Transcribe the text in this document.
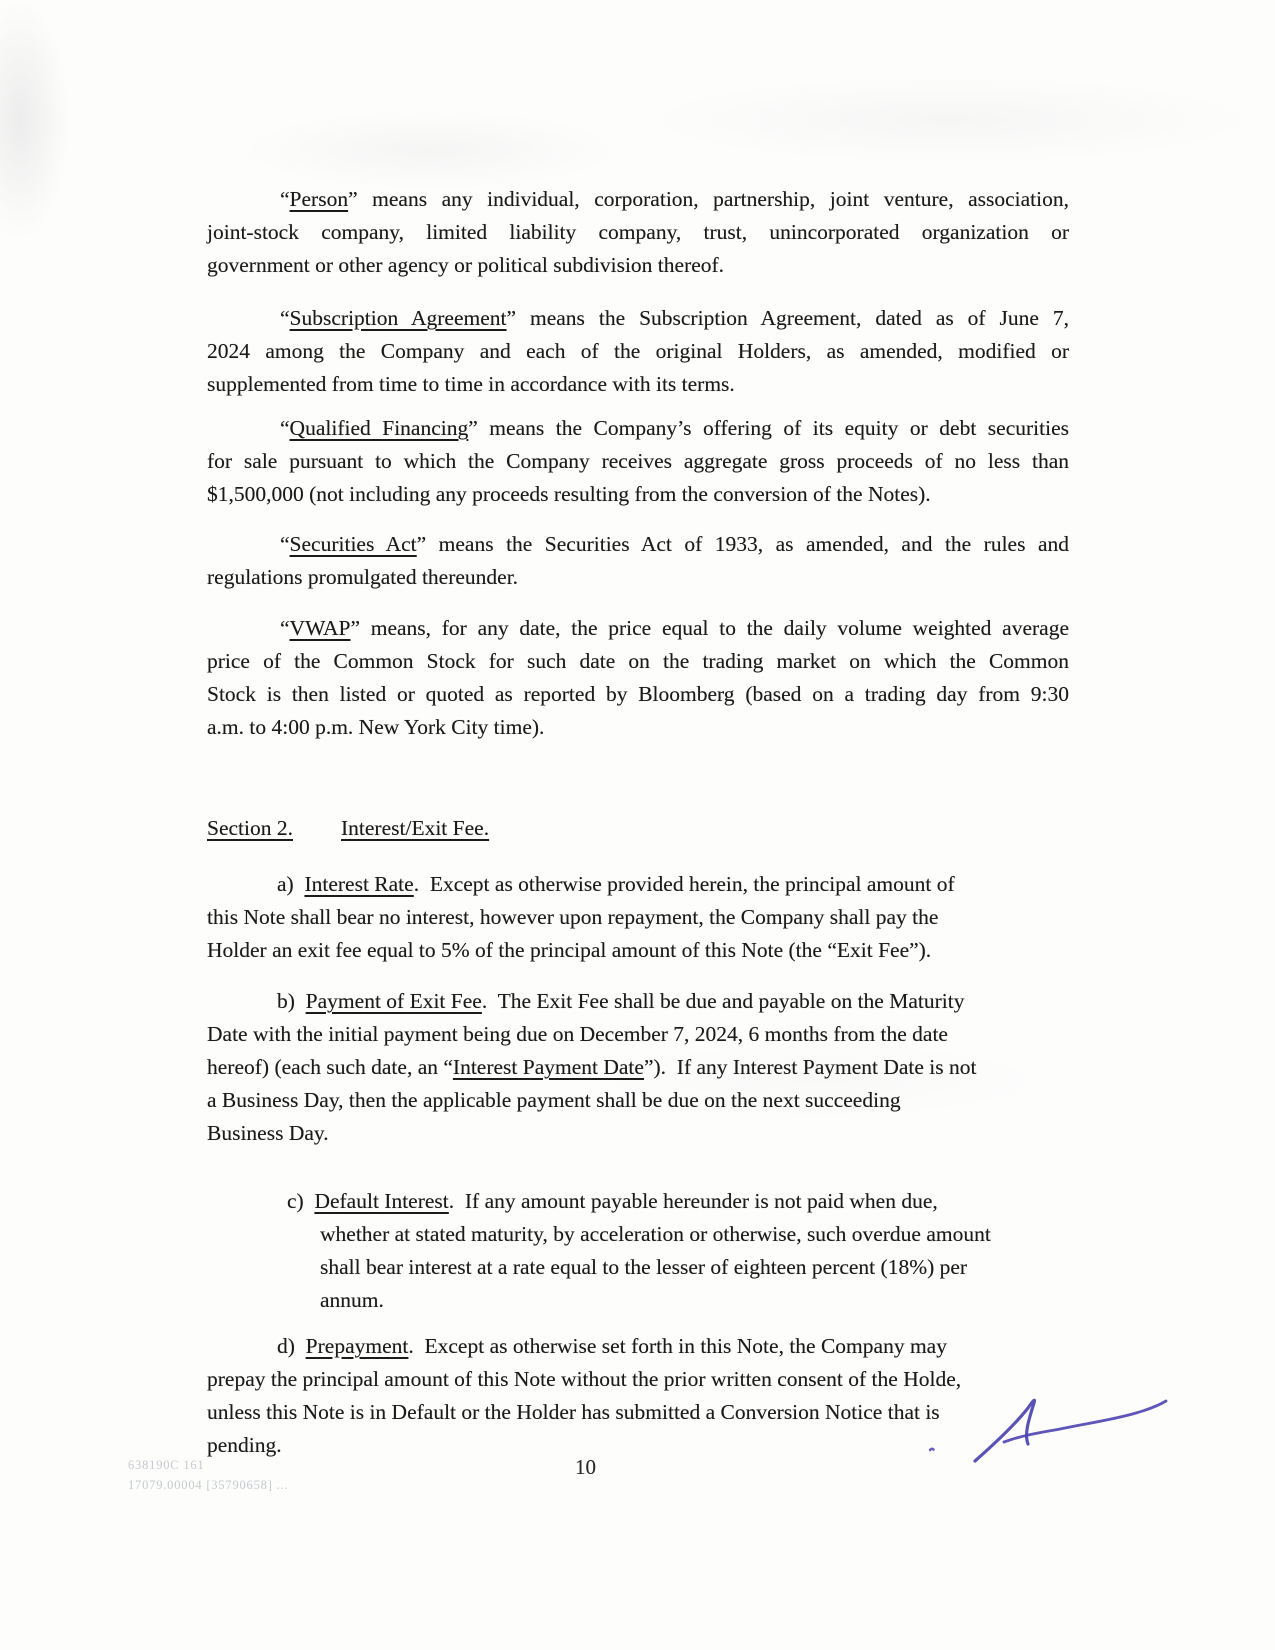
“Person” means any individual, corporation, partnership, joint venture, association,
joint-stock company, limited liability company, trust, unincorporated organization or
government or other agency or political subdivision thereof.
“Subscription Agreement” means the Subscription Agreement, dated as of June 7,
2024 among the Company and each of the original Holders, as amended, modified or
supplemented from time to time in accordance with its terms.
“Qualified Financing” means the Company’s offering of its equity or debt securities
for sale pursuant to which the Company receives aggregate gross proceeds of no less than
$1,500,000 (not including any proceeds resulting from the conversion of the Notes).
“Securities Act” means the Securities Act of 1933, as amended, and the rules and
regulations promulgated thereunder.
“VWAP” means, for any date, the price equal to the daily volume weighted average
price of the Common Stock for such date on the trading market on which the Common
Stock is then listed or quoted as reported by Bloomberg (based on a trading day from 9:30
a.m. to 4:00 p.m. New York City time).
Section 2. Interest/Exit Fee.
a)  Interest Rate.  Except as otherwise provided herein, the principal amount of
this Note shall bear no interest, however upon repayment, the Company shall pay the
Holder an exit fee equal to 5% of the principal amount of this Note (the “Exit Fee”).
b)  Payment of Exit Fee.  The Exit Fee shall be due and payable on the Maturity
Date with the initial payment being due on December 7, 2024, 6 months from the date
hereof) (each such date, an “Interest Payment Date”).  If any Interest Payment Date is not
a Business Day, then the applicable payment shall be due on the next succeeding
Business Day.
c)  Default Interest.  If any amount payable hereunder is not paid when due,
whether at stated maturity, by acceleration or otherwise, such overdue amount
shall bear interest at a rate equal to the lesser of eighteen percent (18%) per
annum.
d)  Prepayment.  Except as otherwise set forth in this Note, the Company may
prepay the principal amount of this Note without the prior written consent of the Holde,
unless this Note is in Default or the Holder has submitted a Conversion Notice that is
pending.
638190C 161
17079.00004 [35790658] ...
10
